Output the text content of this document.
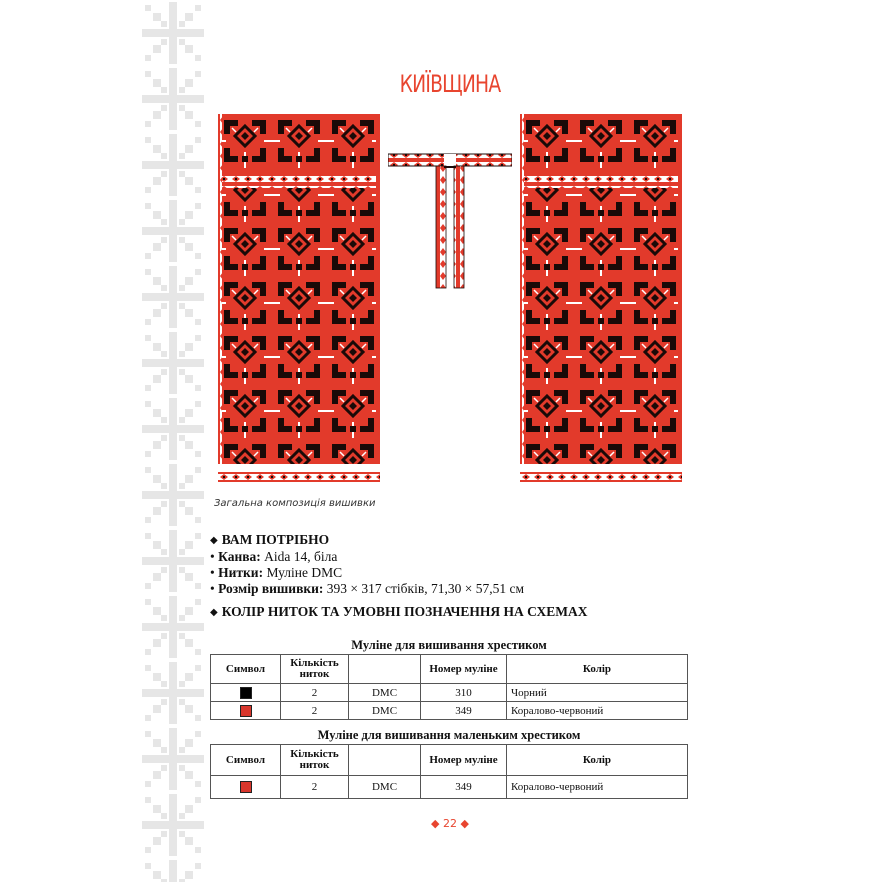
КИЇВЩИНА
Загальна композиція вишивки
◆ ВАМ ПОТРІБНО
• Канва: Aida 14, біла
• Нитки: Муліне DMC
• Розмір вишивки: 393 × 317 стібків, 71,30 × 57,51 см
◆ КОЛІР НИТОК ТА УМОВНІ ПОЗНАЧЕННЯ НА СХЕМАХ
Муліне для вишивання хрестиком
Символ	Кількість ниток		Номер муліне	Колір
	2	DMC	310	Чорний
	2	DMC	349	Коралово-червоний
Муліне для вишивання маленьким хрестиком
Символ	Кількість ниток		Номер муліне	Колір
	2	DMC	349	Коралово-червоний
◆ 22 ◆
